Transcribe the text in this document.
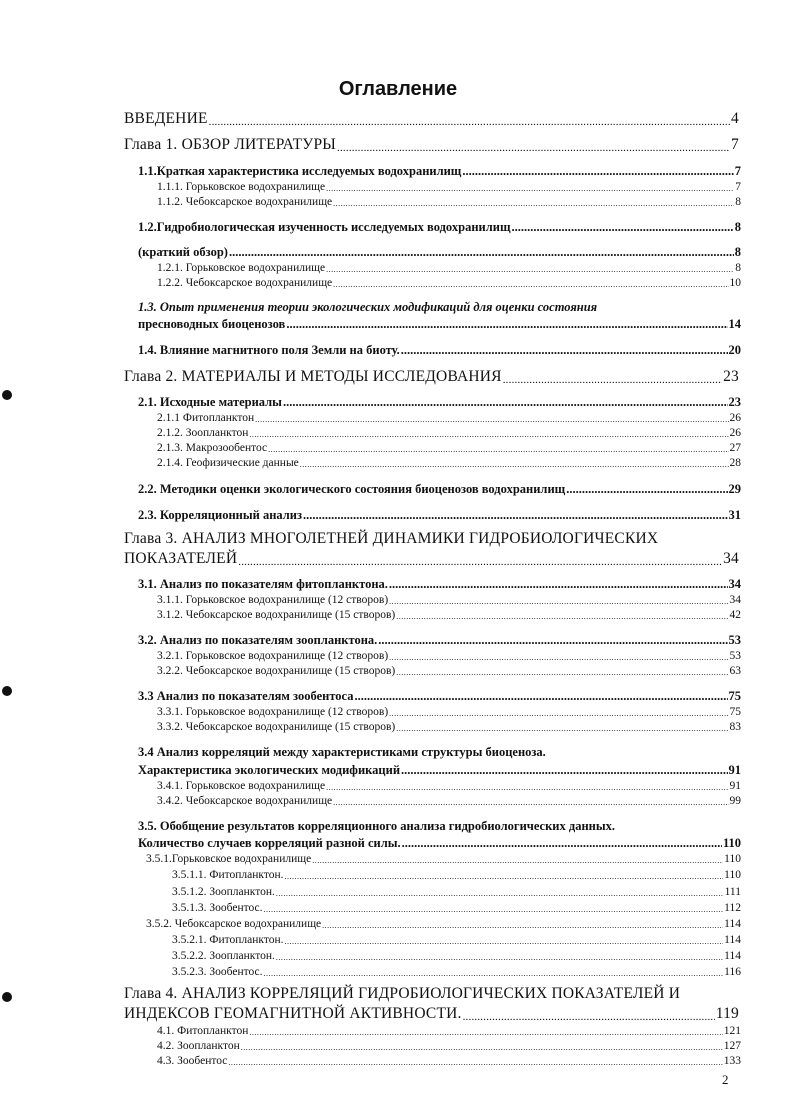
Оглавление
ВВЕДЕНИЕ .....	4
Глава 1. ОБЗОР ЛИТЕРАТУРЫ .....	7
1.1.Краткая характеристика исследуемых водохранилищ .....	7
1.1.1. Горьковское водохранилище .....	7
1.1.2. Чебоксарское водохранилище .....	8
1.2.Гидробиологическая изученность исследуемых водохранилищ .....	8
(краткий обзор) .....	8
1.2.1. Горьковское водохранилище .....	8
1.2.2. Чебоксарское водохранилище .....	10
1.3. Опыт применения теории экологических модификаций для оценки состояния
пресноводных биоценозов .....	14
1.4. Влияние магнитного поля Земли на биоту. .....	20
Глава 2. МАТЕРИАЛЫ И МЕТОДЫ ИССЛЕДОВАНИЯ .....	23
2.1. Исходные материалы .....	23
2.1.1 Фитопланктон .....	26
2.1.2. Зоопланктон .....	26
2.1.3. Макрозообентос .....	27
2.1.4. Геофизические данные .....	28
2.2. Методики оценки экологического состояния биоценозов водохранилищ .....	29
2.3. Корреляционный анализ .....	31
Глава 3. АНАЛИЗ МНОГОЛЕТНЕЙ ДИНАМИКИ ГИДРОБИОЛОГИЧЕСКИХ
ПОКАЗАТЕЛЕЙ .....	34
3.1. Анализ по показателям фитопланктона. .....	34
3.1.1. Горьковское водохранилище (12 створов) .....	34
3.1.2. Чебоксарское водохранилище (15 створов) .....	42
3.2. Анализ по показателям зоопланктона. .....	53
3.2.1. Горьковское водохранилище (12 створов) .....	53
3.2.2. Чебоксарское водохранилище (15 створов) .....	63
3.3 Анализ по показателям зообентоса .....	75
3.3.1. Горьковское водохранилище (12 створов) .....	75
3.3.2. Чебоксарское водохранилище (15 створов) .....	83
3.4 Анализ корреляций между характеристиками структуры биоценоза.
Характеристика экологических модификаций .....	91
3.4.1. Горьковское водохранилище .....	91
3.4.2. Чебоксарское водохранилище .....	99
3.5. Обобщение результатов корреляционного анализа гидробиологических данных.
Количество случаев корреляций разной силы. .....	110
3.5.1.Горьковское водохранилище .....	110
3.5.1.1. Фитопланктон. .....	110
3.5.1.2. Зоопланктон. .....	111
3.5.1.3. Зообентос. .....	112
3.5.2. Чебоксарское водохранилище .....	114
3.5.2.1. Фитопланктон. .....	114
3.5.2.2. Зоопланктон. .....	114
3.5.2.3. Зообентос. .....	116
Глава 4. АНАЛИЗ КОРРЕЛЯЦИЙ ГИДРОБИОЛОГИЧЕСКИХ ПОКАЗАТЕЛЕЙ И
ИНДЕКСОВ ГЕОМАГНИТНОЙ АКТИВНОСТИ. .....	119
4.1. Фитопланктон .....	121
4.2. Зоопланктон .....	127
4.3. Зообентос .....	133
2
